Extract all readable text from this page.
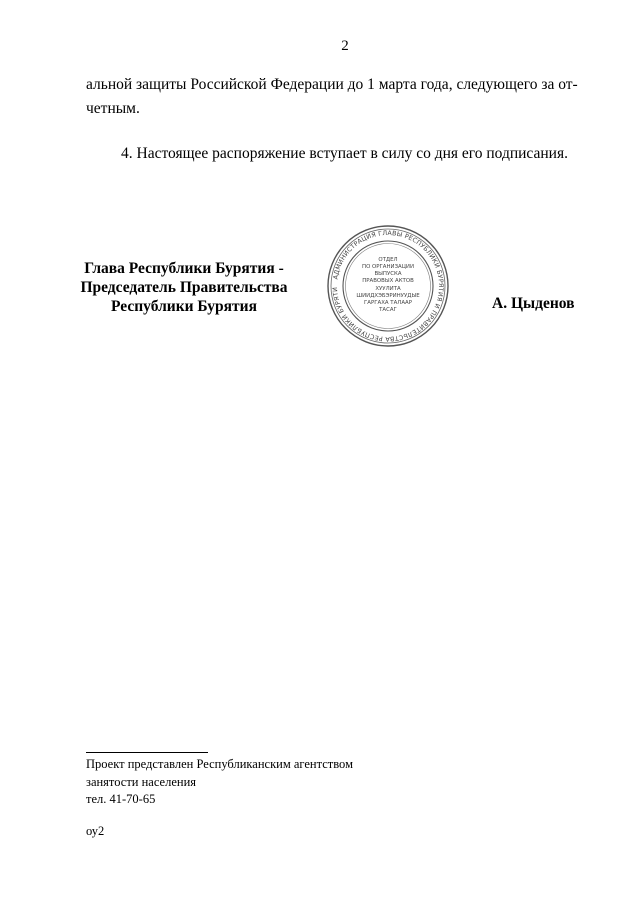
2
альной защиты Российской Федерации до 1 марта года, следующего за от-
четным.
4. Настоящее распоряжение вступает в силу со дня его подписания.
Глава Республики Бурятия -
Председатель Правительства
Республики Бурятия
АДМИНИСТРАЦИЯ ГЛАВЫ РЕСПУБЛИКИ БУРЯТИЯ И ПРАВИТЕЛЬСТВА РЕСПУБЛИКИ БУРЯТИ
ОТДЕЛ
ПО ОРГАНИЗАЦИИ
ВЫПУСКА
ПРАВОВЫХ АКТОВ
ХУУЛИТА
ШИИДХЭБЭРИНУУДЫЕ
ГАРГАХА ТАЛААР
ТАСАГ	А. Цыденов
Проект представлен Республиканским агентством
занятости населения
тел. 41-70-65
оу2
